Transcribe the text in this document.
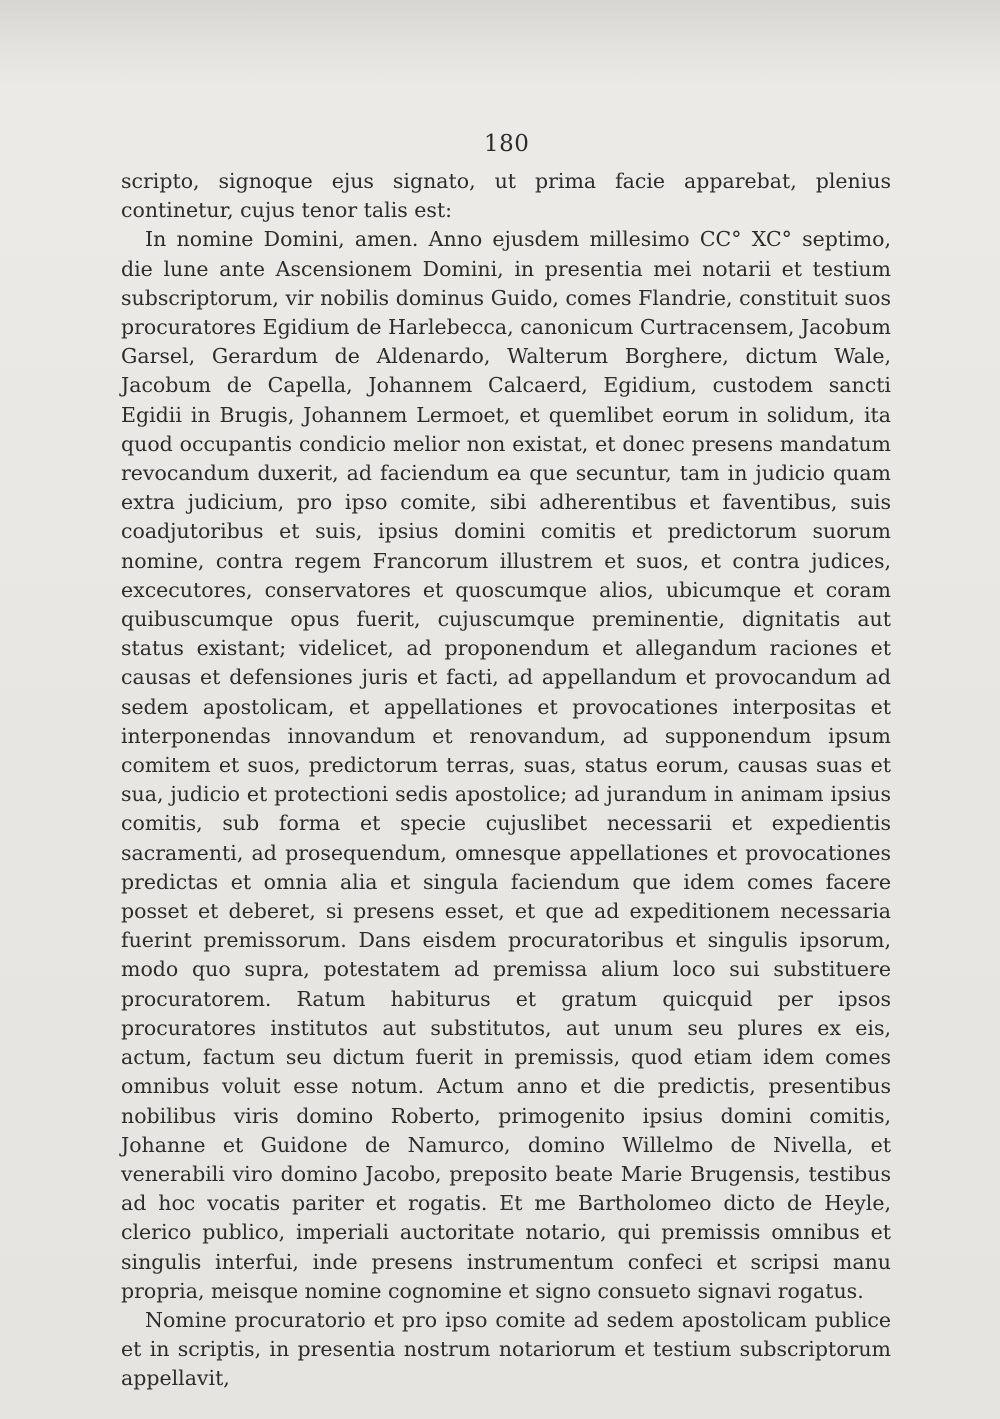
180

scripto, signoque ejus signato, ut prima facie apparebat, plenius continetur, cujus tenor talis est:

In nomine Domini, amen. Anno ejusdem millesimo CC° XC° septimo, die lune ante Ascensionem Domini, in presentia mei notarii et testium subscriptorum, vir nobilis dominus Guido, comes Flandrie, constituit suos procuratores Egidium de Harlebecca, canonicum Curtracensem, Jacobum Garsel, Gerardum de Aldenardo, Walterum Borghere, dictum Wale, Jacobum de Capella, Johannem Calcaerd, Egidium, custodem sancti Egidii in Brugis, Johannem Lermoet, et quemlibet eorum in solidum, ita quod occupantis condicio melior non existat, et donec presens mandatum revocandum duxerit, ad faciendum ea que secuntur, tam in judicio quam extra judicium, pro ipso comite, sibi adherentibus et faventibus, suis coadjutoribus et suis, ipsius domini comitis et predictorum suorum nomine, contra regem Francorum illustrem et suos, et contra judices, excecutores, conservatores et quoscumque alios, ubicumque et coram quibuscumque opus fuerit, cujuscumque preminentie, dignitatis aut status existant; videlicet, ad proponendum et allegandum raciones et causas et defensiones juris et facti, ad appellandum et provocandum ad sedem apostolicam, et appellationes et provocationes interpositas et interponendas innovandum et renovandum, ad supponendum ipsum comitem et suos, predictorum terras, suas, status eorum, causas suas et sua, judicio et protectioni sedis apostolice; ad jurandum in animam ipsius comitis, sub forma et specie cujuslibet necessarii et expedientis sacramenti, ad prosequendum, omnesque appellationes et provocationes predictas et omnia alia et singula faciendum que idem comes facere posset et deberet, si presens esset, et que ad expeditionem necessaria fuerint premissorum. Dans eisdem procuratoribus et singulis ipsorum, modo quo supra, potestatem ad premissa alium loco sui substituere procuratorem. Ratum habiturus et gratum quicquid per ipsos procuratores institutos aut substitutos, aut unum seu plures ex eis, actum, factum seu dictum fuerit in premissis, quod etiam idem comes omnibus voluit esse notum. Actum anno et die predictis, presentibus nobilibus viris domino Roberto, primogenito ipsius domini comitis, Johanne et Guidone de Namurco, domino Willelmo de Nivella, et venerabili viro domino Jacobo, preposito beate Marie Brugensis, testibus ad hoc vocatis pariter et rogatis. Et me Bartholomeo dicto de Heyle, clerico publico, imperiali auctoritate notario, qui premissis omnibus et singulis interfui, inde presens instrumentum confeci et scripsi manu propria, meisque nomine cognomine et signo consueto signavi rogatus.

Nomine procuratorio et pro ipso comite ad sedem apostolicam publice et in scriptis, in presentia nostrum notariorum et testium subscriptorum appellavit,
